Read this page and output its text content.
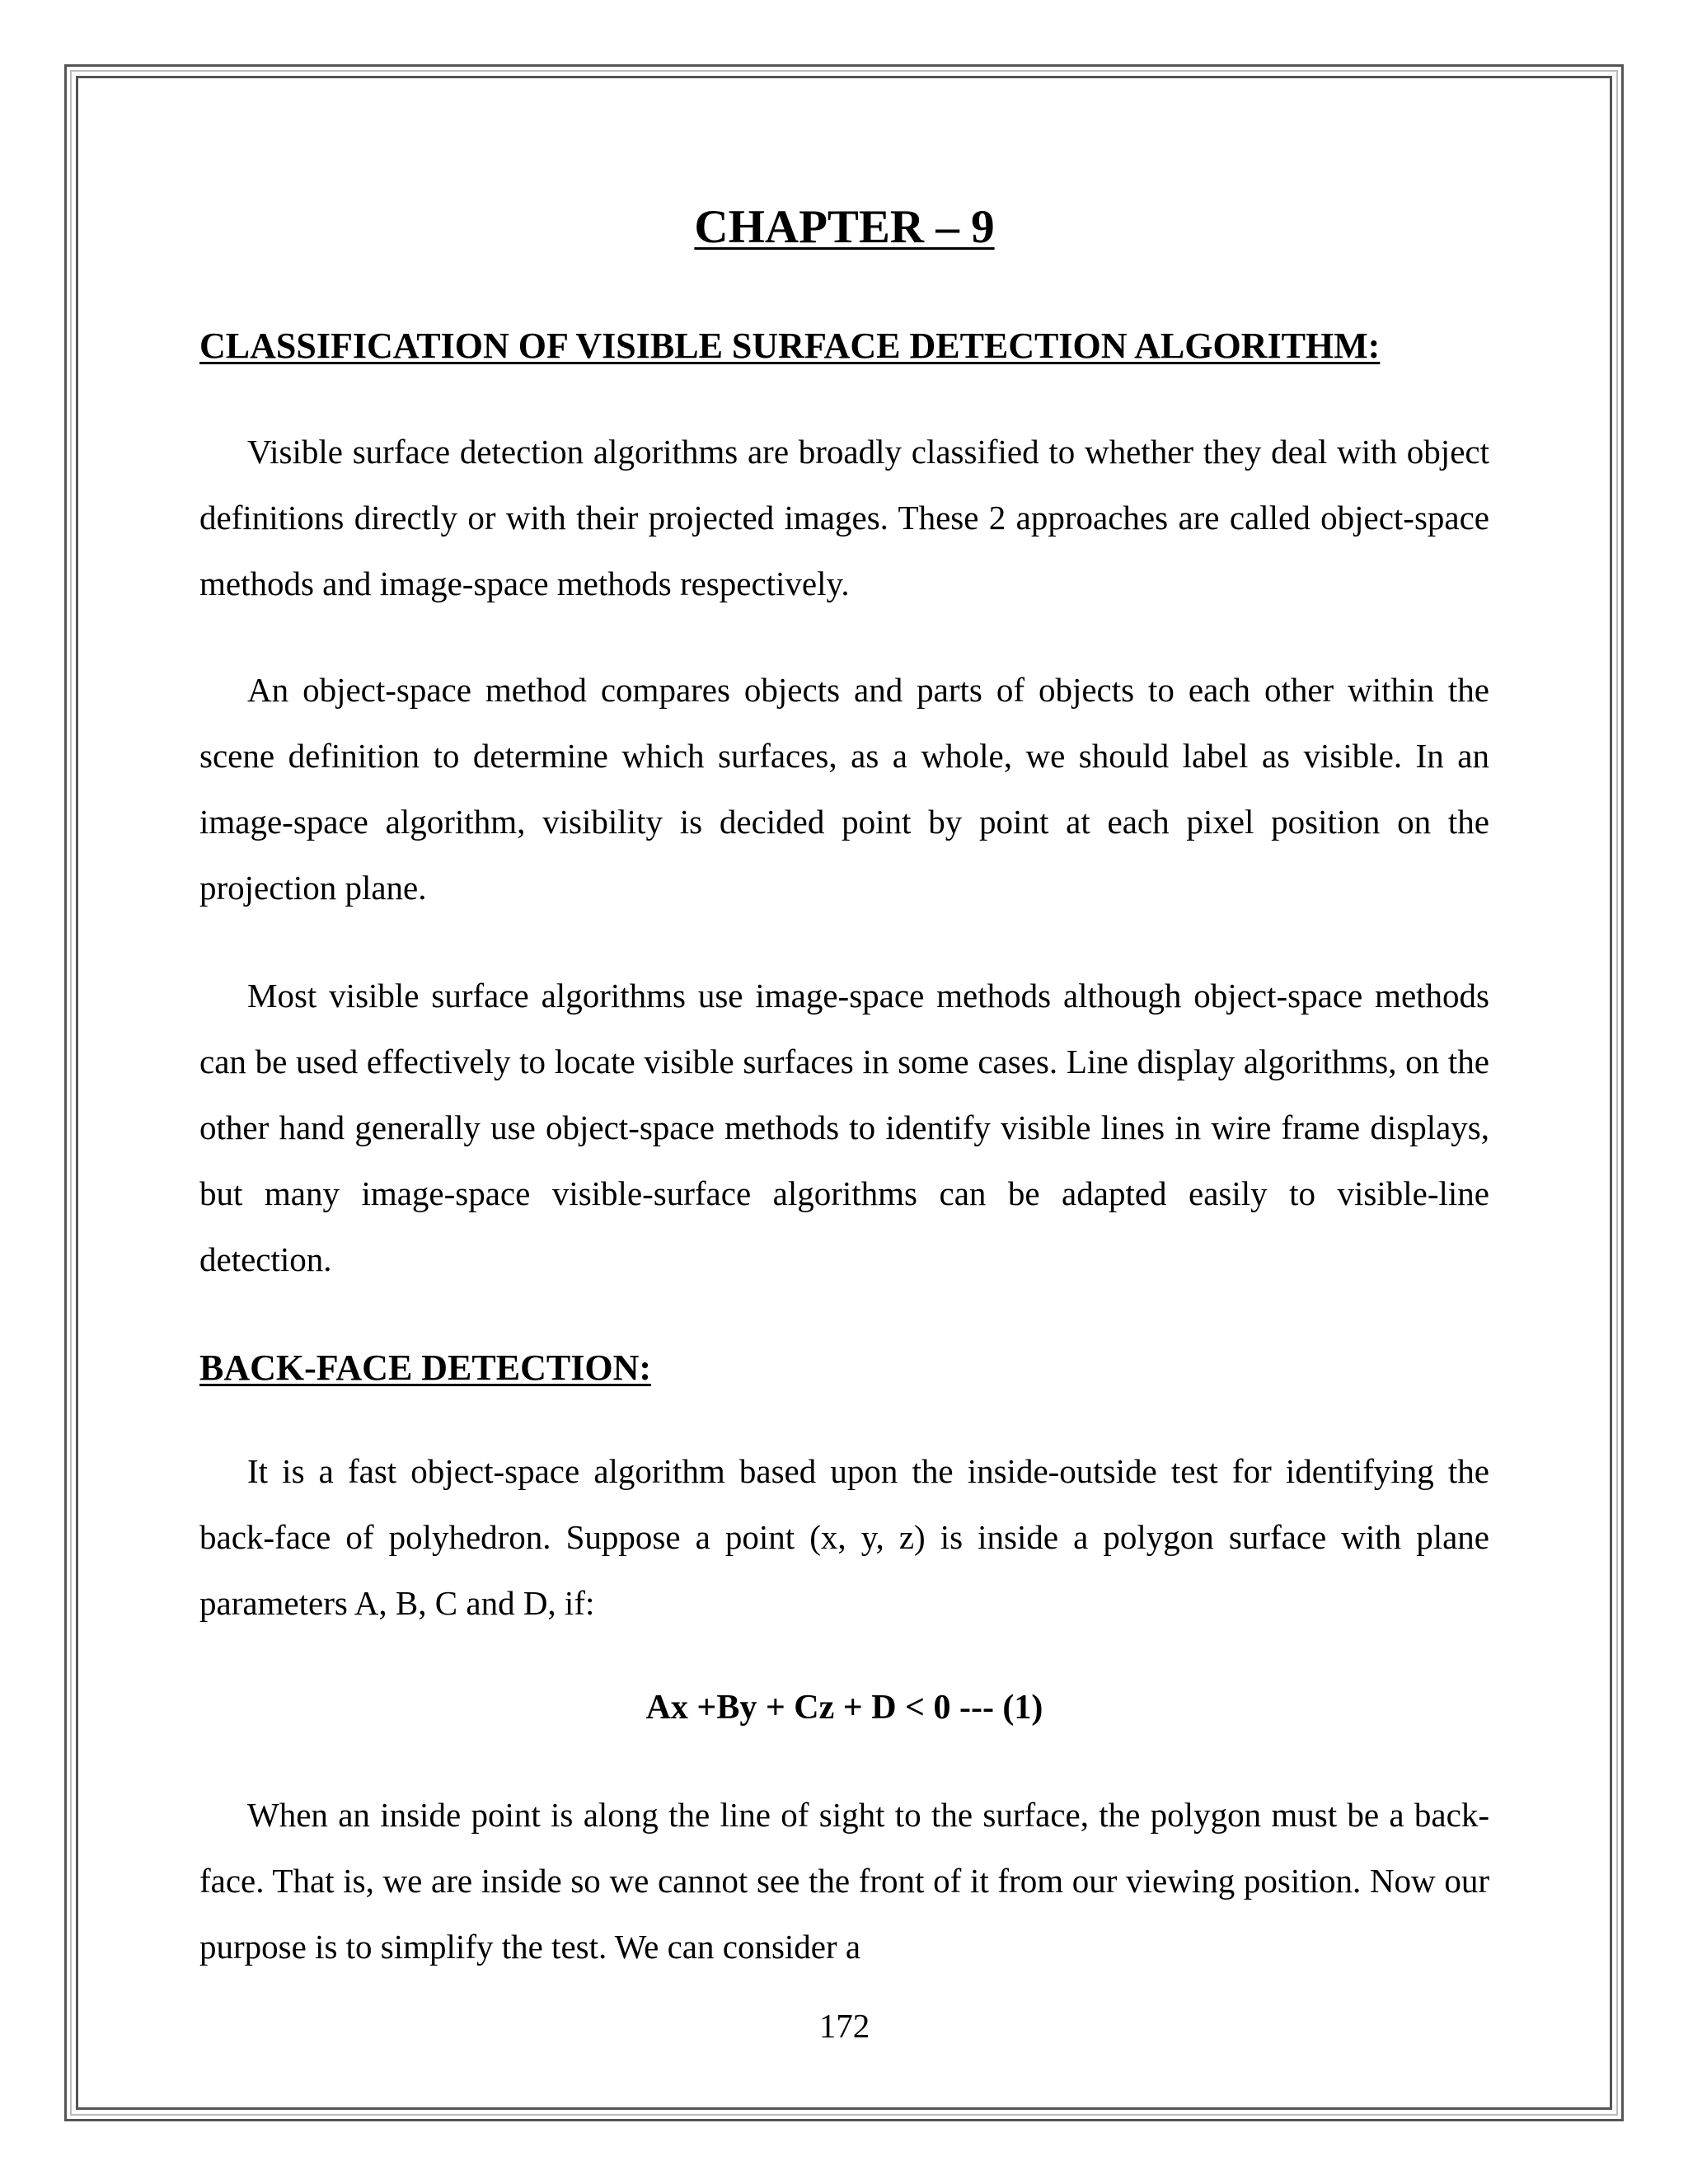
CHAPTER – 9
CLASSIFICATION OF VISIBLE SURFACE DETECTION ALGORITHM:

Visible surface detection algorithms are broadly classified to whether they deal with object definitions directly or with their projected images. These 2 approaches are called object-space methods and image-space methods respectively.

An object-space method compares objects and parts of objects to each other within the scene definition to determine which surfaces, as a whole, we should label as visible. In an image-space algorithm, visibility is decided point by point at each pixel position on the projection plane.

Most visible surface algorithms use image-space methods although object-space methods can be used effectively to locate visible surfaces in some cases. Line display algorithms, on the other hand generally use object-space methods to identify visible lines in wire frame displays, but many image-space visible-surface algorithms can be adapted easily to visible-line detection.

BACK-FACE DETECTION:

It is a fast object-space algorithm based upon the inside-outside test for identifying the back-face of polyhedron. Suppose a point (x, y, z) is inside a polygon surface with plane parameters A, B, C and D, if:

Ax +By + Cz + D < 0 --- (1)

When an inside point is along the line of sight to the surface, the polygon must be a back-face. That is, we are inside so we cannot see the front of it from our viewing position. Now our purpose is to simplify the test. We can consider a

172
